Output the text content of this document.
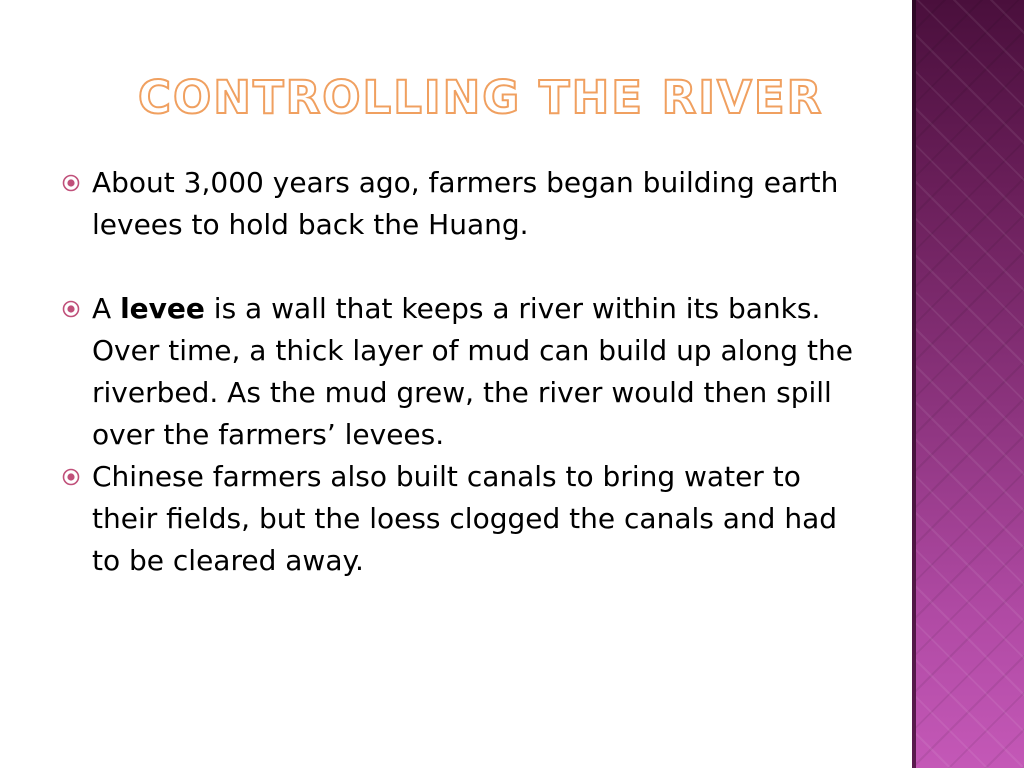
CONTROLLING THE RIVER
About 3,000 years ago, farmers began building earth levees to hold back the Huang.
A levee is a wall that keeps a river within its banks. Over time, a thick layer of mud can build up along the riverbed. As the mud grew, the river would then spill over the farmers’ levees.
Chinese farmers also built canals to bring water to their fields, but the loess clogged the canals and had to be cleared away.
